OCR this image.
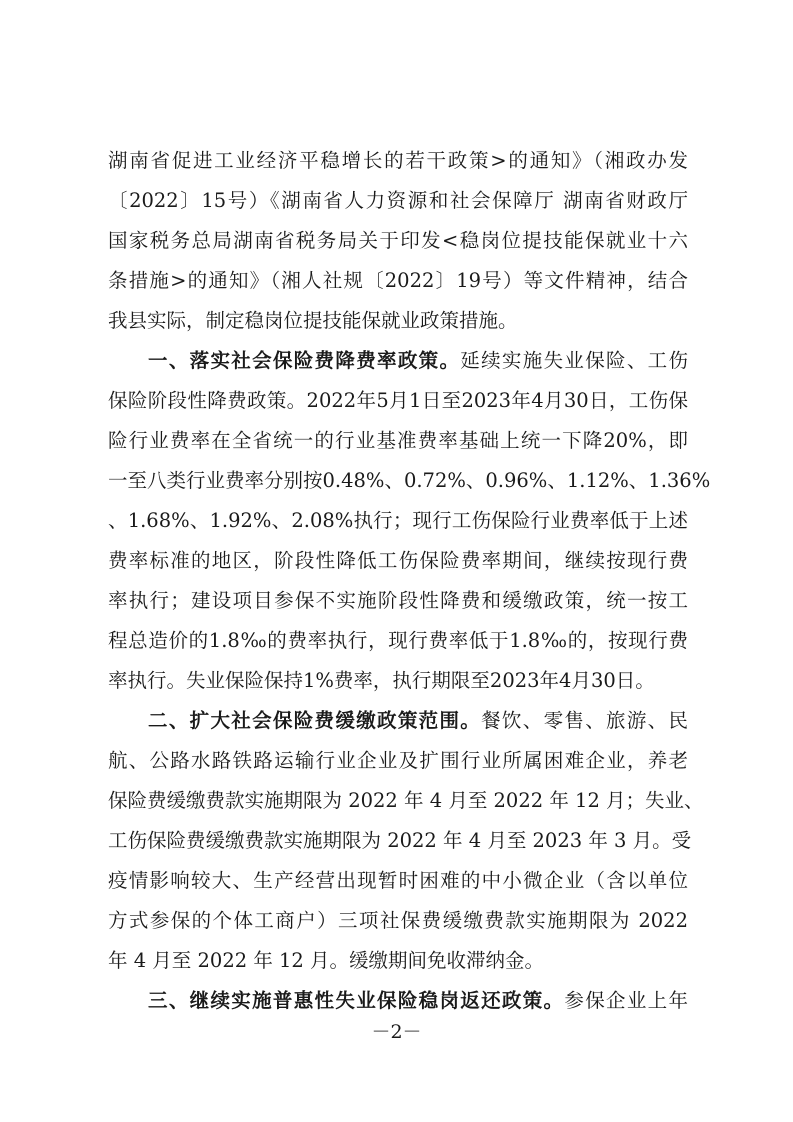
湖南省促进工业经济平稳增长的若干政策>的通知》（湘政办发
〔2022〕15号）《湖南省人力资源和社会保障厅 湖南省财政厅
国家税务总局湖南省税务局关于印发<稳岗位提技能保就业十六
条措施>的通知》（湘人社规〔2022〕19号）等文件精神，结合
我县实际，制定稳岗位提技能保就业政策措施。
一、落实社会保险费降费率政策。延续实施失业保险、工伤
保险阶段性降费政策。2022年5月1日至2023年4月30日，工伤保
险行业费率在全省统一的行业基准费率基础上统一下降20%，即
一至八类行业费率分别按0.48%、0.72%、0.96%、1.12%、1.36%
、1.68%、1.92%、2.08%执行；现行工伤保险行业费率低于上述
费率标准的地区，阶段性降低工伤保险费率期间，继续按现行费
率执行；建设项目参保不实施阶段性降费和缓缴政策，统一按工
程总造价的1.8‰的费率执行，现行费率低于1.8‰的，按现行费
率执行。失业保险保持1%费率，执行期限至2023年4月30日。
二、扩大社会保险费缓缴政策范围。餐饮、零售、旅游、民
航、公路水路铁路运输行业企业及扩围行业所属困难企业，养老
保险费缓缴费款实施期限为 2022 年 4 月至 2022 年 12 月；失业、
工伤保险费缓缴费款实施期限为 2022 年 4 月至 2023 年 3 月。受
疫情影响较大、生产经营出现暂时困难的中小微企业（含以单位
方式参保的个体工商户）三项社保费缓缴费款实施期限为 2022
年 4 月至 2022 年 12 月。缓缴期间免收滞纳金。
三、继续实施普惠性失业保险稳岗返还政策。参保企业上年
－2－
